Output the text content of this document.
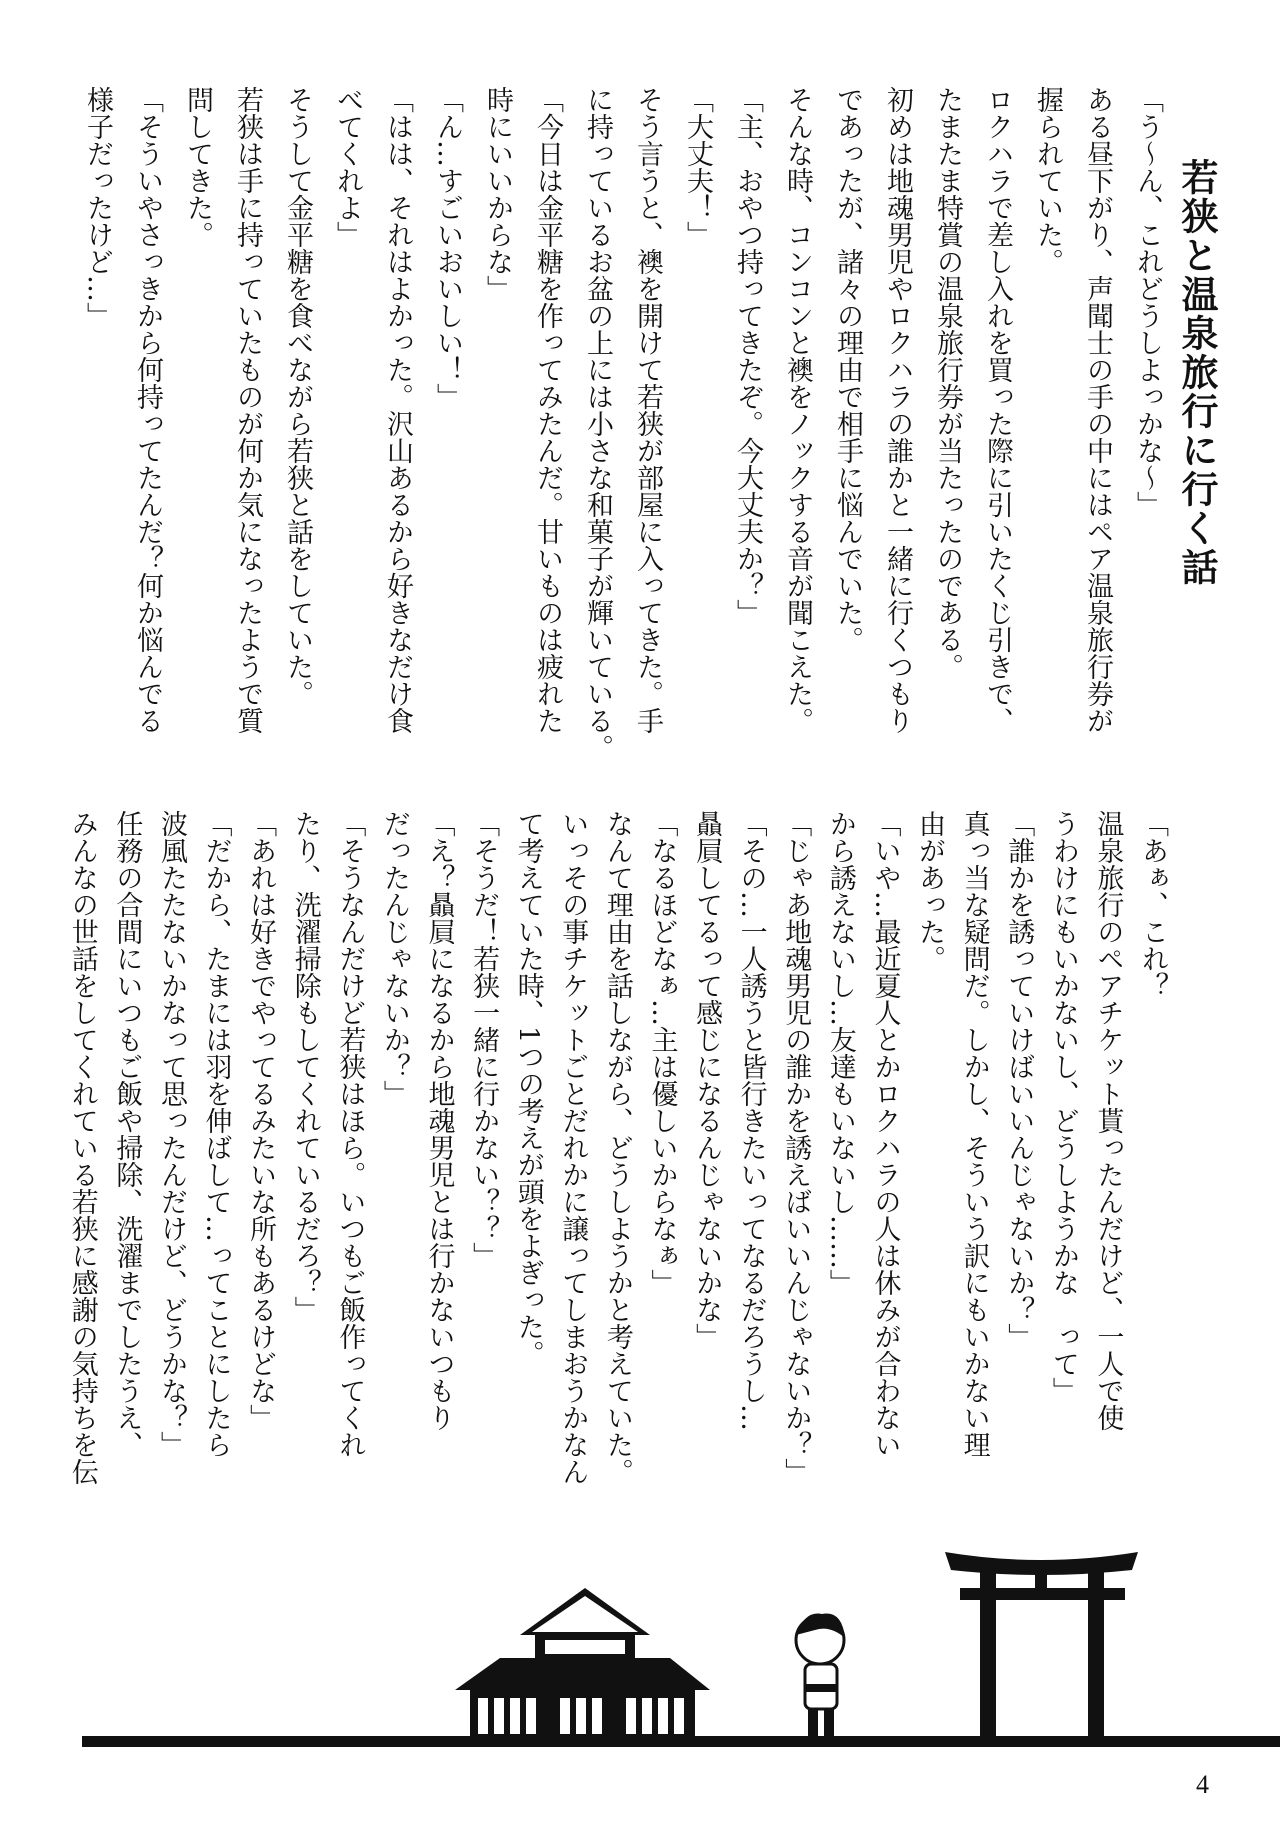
若狭と温泉旅行に行く話

「う～ん、これどうしよっかな～」

ある昼下がり、声聞士の手の中にはペア温泉旅行券が

握られていた。

ロクハラで差し入れを買った際に引いたくじ引きで、

たまたま特賞の温泉旅行券が当たったのである。

初めは地魂男児やロクハラの誰かと一緒に行くつもり

であったが、諸々の理由で相手に悩んでいた。

そんな時、コンコンと襖をノックする音が聞こえた。

「主、おやつ持ってきたぞ。今大丈夫か？」

「大丈夫！」

そう言うと、襖を開けて若狭が部屋に入ってきた。手

に持っているお盆の上には小さな和菓子が輝いている。

「今日は金平糖を作ってみたんだ。甘いものは疲れた

時にいいからな」

「ん…すごいおいしい！」

「はは、それはよかった。沢山あるから好きなだけ食

べてくれよ」

そうして金平糖を食べながら若狭と話をしていた。

若狭は手に持っていたものが何か気になったようで質

問してきた。

「そういやさっきから何持ってたんだ？何か悩んでる

様子だったけど…」

「あぁ、これ？

温泉旅行のペアチケット貰ったんだけど、一人で使

うわけにもいかないし、どうしようかな　って」

「誰かを誘っていけばいいんじゃないか？」

真っ当な疑問だ。しかし、そういう訳にもいかない理

由があった。

「いや…最近夏人とかロクハラの人は休みが合わない

から誘えないし…友達もいないし……」

「じゃあ地魂男児の誰かを誘えばいいんじゃないか？」

「その…一人誘うと皆行きたいってなるだろうし…

贔屓してるって感じになるんじゃないかな」

「なるほどなぁ…主は優しいからなぁ」

なんて理由を話しながら、どうしようかと考えていた。

いっその事チケットごとだれかに譲ってしまおうかなん

て考えていた時、1つの考えが頭をよぎった。

「そうだ！若狭一緒に行かない？？」

「え？贔屓になるから地魂男児とは行かないつもり

だったんじゃないか？」

「そうなんだけど若狭はほら。いつもご飯作ってくれ

たり、洗濯掃除もしてくれているだろ？」

「あれは好きでやってるみたいな所もあるけどな」

「だから、たまには羽を伸ばして…ってことにしたら

波風たたないかなって思ったんだけど、どうかな？」

任務の合間にいつもご飯や掃除、洗濯までしたうえ、

みんなの世話をしてくれている若狭に感謝の気持ちを伝

4
